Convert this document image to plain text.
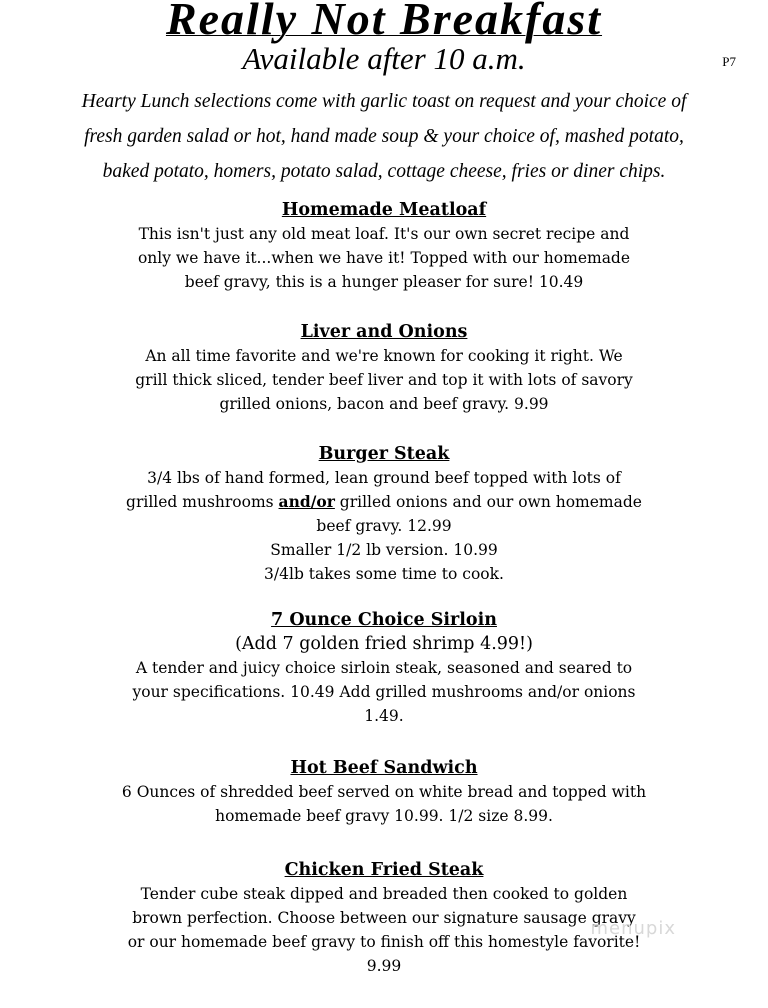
Really Not Breakfast
Available after 10 a.m.	P7
Hearty Lunch selections come with garlic toast on request and your choice of
fresh garden salad or hot, hand made soup & your choice of, mashed potato,
baked potato, homers, potato salad, cottage cheese, fries or diner chips.
Homemade Meatloaf
This isn't just any old meat loaf. It's our own secret recipe and
only we have it...when we have it! Topped with our homemade
beef gravy, this is a hunger pleaser for sure! 10.49
Liver and Onions
An all time favorite and we're known for cooking it right. We
grill thick sliced, tender beef liver and top it with lots of savory
grilled onions, bacon and beef gravy. 9.99
Burger Steak
3/4 lbs of hand formed, lean ground beef topped with lots of
grilled mushrooms and/or grilled onions and our own homemade
beef gravy. 12.99
Smaller 1/2 lb version. 10.99
3/4lb takes some time to cook.
7 Ounce Choice Sirloin
(Add 7 golden fried shrimp 4.99!)
A tender and juicy choice sirloin steak, seasoned and seared to
your specifications. 10.49 Add grilled mushrooms and/or onions
1.49.
Hot Beef Sandwich
6 Ounces of shredded beef served on white bread and topped with
homemade beef gravy 10.99. 1/2 size 8.99.
Chicken Fried Steak
Tender cube steak dipped and breaded then cooked to golden
brown perfection. Choose between our signature sausage gravy
or our homemade beef gravy to finish off this homestyle favorite!
9.99
menupix
